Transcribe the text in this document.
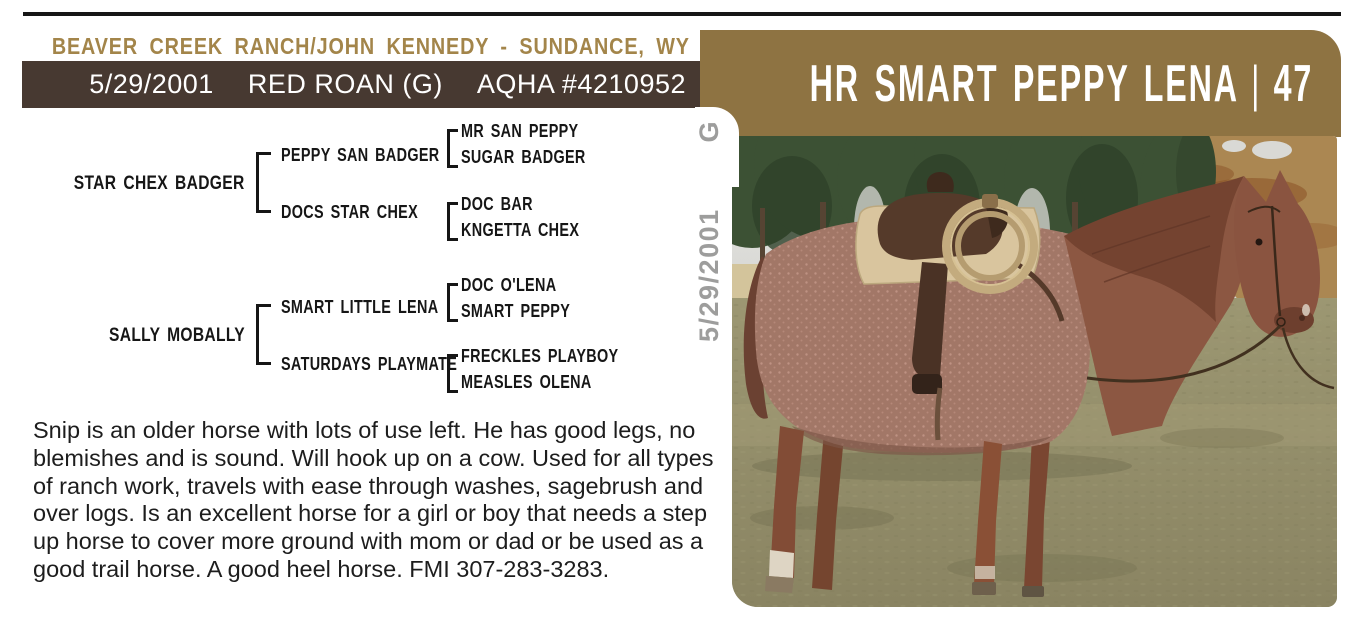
BEAVER CREEK RANCH/JOHN KENNEDY - SUNDANCE, WY
5/29/2001 RED ROAN (G) AQHA #4210952 HR SMART PEPPY LENA | 47
STAR CHEX BADGER
SALLY MOBALLY
PEPPY SAN BADGER
DOCS STAR CHEX
MR SAN PEPPY
SUGAR BADGER
DOC BAR
KNGETTA CHEX
SMART LITTLE LENA
SATURDAYS PLAYMATE
DOC O'LENA
SMART PEPPY
FRECKLES PLAYBOY
MEASLES OLENA
Snip is an older horse with lots of use left. He has good legs, no
blemishes and is sound. Will hook up on a cow. Used for all types
of ranch work, travels with ease through washes, sagebrush and
over logs. Is an excellent horse for a girl or boy that needs a step
up horse to cover more ground with mom or dad or be used as a
good trail horse. A good heel horse. FMI 307-283-3283.
5/29/2001
G
